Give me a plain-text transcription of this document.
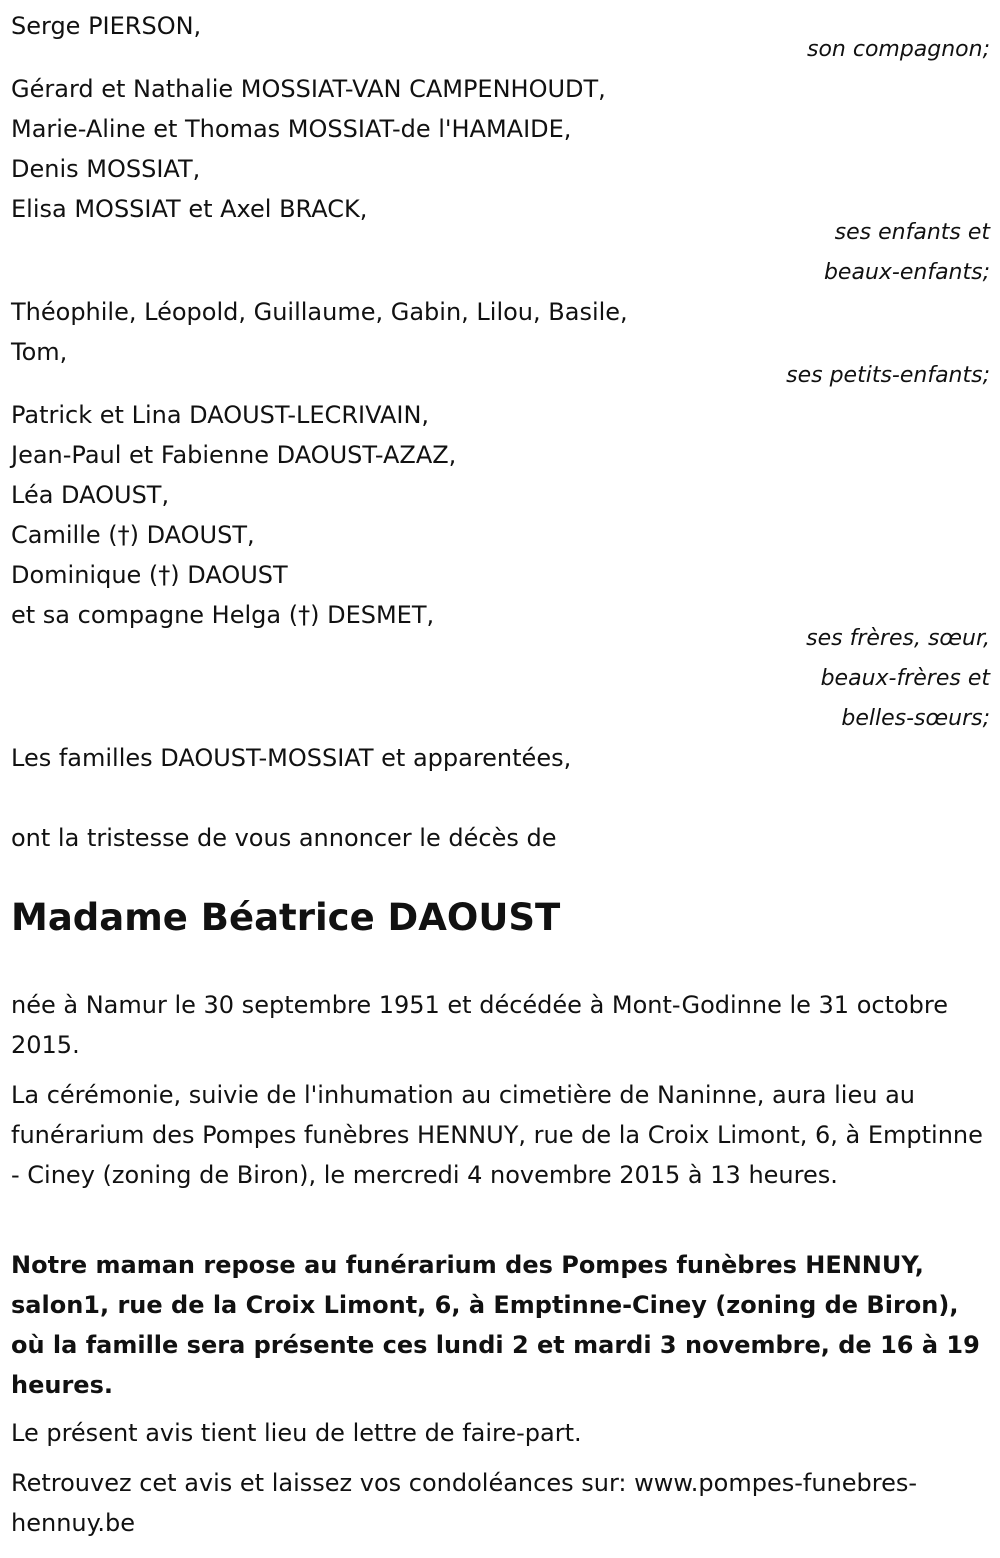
Serge PIERSON,
son compagnon;
Gérard et Nathalie MOSSIAT-VAN CAMPENHOUDT,
Marie-Aline et Thomas MOSSIAT-de l'HAMAIDE,
Denis MOSSIAT,
Elisa MOSSIAT et Axel BRACK,
ses enfants et
beaux-enfants;
Théophile, Léopold, Guillaume, Gabin, Lilou, Basile,
Tom,
ses petits-enfants;
Patrick et Lina DAOUST-LECRIVAIN,
Jean-Paul et Fabienne DAOUST-AZAZ,
Léa DAOUST,
Camille (†) DAOUST,
Dominique (†) DAOUST
et sa compagne Helga (†) DESMET,
ses frères, sœur,
beaux-frères et
belles-sœurs;
Les familles DAOUST-MOSSIAT et apparentées,
ont la tristesse de vous annoncer le décès de
Madame Béatrice DAOUST
née à Namur le 30 septembre 1951 et décédée à Mont-Godinne le 31 octobre 2015.
La cérémonie, suivie de l'inhumation au cimetière de Naninne, aura lieu au funérarium des Pompes funèbres HENNUY, rue de la Croix Limont, 6, à Emptinne - Ciney (zoning de Biron), le mercredi 4 novembre 2015 à 13 heures.
Notre maman repose au funérarium des Pompes funèbres HENNUY, salon1, rue de la Croix Limont, 6, à Emptinne-Ciney (zoning de Biron), où la famille sera présente ces lundi 2 et mardi 3 novembre, de 16 à 19 heures.
Le présent avis tient lieu de lettre de faire-part.
Retrouvez cet avis et laissez vos condoléances sur: www.pompes-funebres-hennuy.be
